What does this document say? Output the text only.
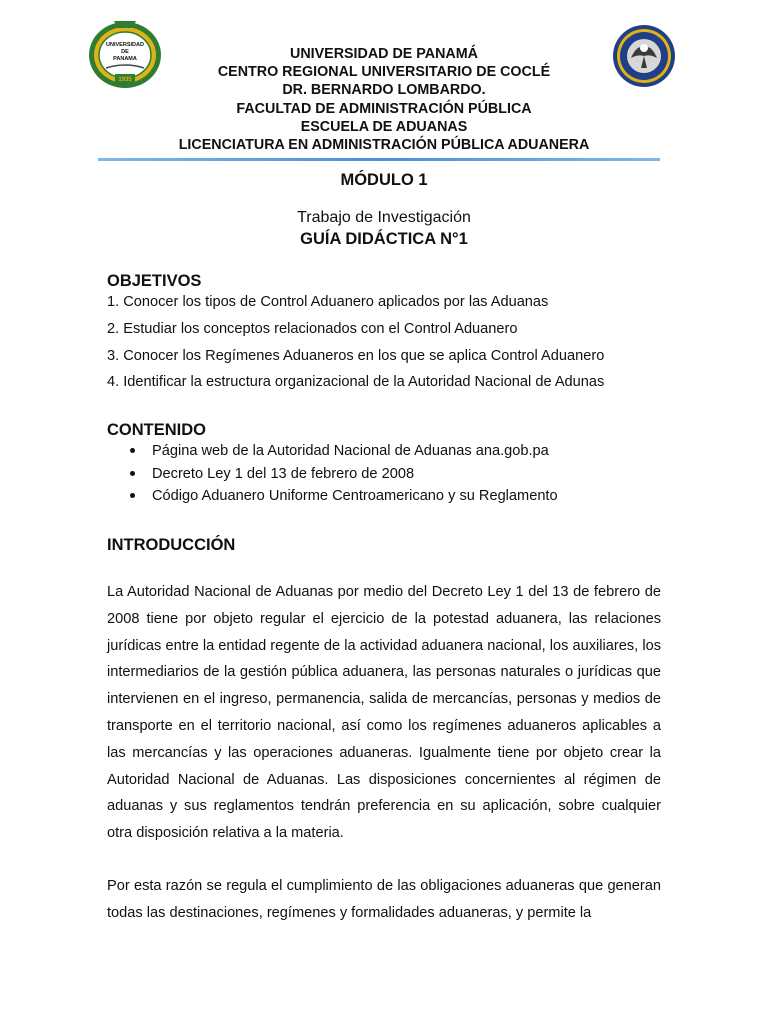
UNIVERSIDAD
DE
PANAMA
1935
UNIVERSIDAD DE PANAMÁ
CENTRO REGIONAL UNIVERSITARIO DE COCLÉ
DR. BERNARDO LOMBARDO.
FACULTAD DE ADMINISTRACIÓN PÚBLICA
ESCUELA DE ADUANAS
LICENCIATURA EN ADMINISTRACIÓN PÚBLICA ADUANERA
MÓDULO 1
Trabajo de Investigación
GUÍA DIDÁCTICA N°1
OBJETIVOS
1. Conocer los tipos de Control Aduanero aplicados por las Aduanas
2. Estudiar los conceptos relacionados con el Control Aduanero
3. Conocer los Regímenes Aduaneros en los que se aplica Control Aduanero
4. Identificar la estructura organizacional de la Autoridad Nacional de Adunas
CONTENIDO
Página web de la Autoridad Nacional de Aduanas ana.gob.pa
Decreto Ley 1 del 13 de febrero de 2008
Código Aduanero Uniforme Centroamericano y su Reglamento
INTRODUCCIÓN

La Autoridad Nacional de Aduanas por medio del Decreto Ley 1 del 13 de febrero de 2008 tiene por objeto regular el ejercicio de la potestad aduanera, las relaciones jurídicas entre la entidad regente de la actividad aduanera nacional, los auxiliares, los intermediarios de la gestión pública aduanera, las personas naturales o jurídicas que intervienen en el ingreso, permanencia, salida de mercancías, personas y medios de transporte en el territorio nacional, así como los regímenes aduaneros aplicables a las mercancías y las operaciones aduaneras. Igualmente tiene por objeto crear la Autoridad Nacional de Aduanas. Las disposiciones concernientes al régimen de aduanas y sus reglamentos tendrán preferencia en su aplicación, sobre cualquier otra disposición relativa a la materia.

Por esta razón se regula el cumplimiento de las obligaciones aduaneras que generan todas las destinaciones, regímenes y formalidades aduaneras, y permite la
